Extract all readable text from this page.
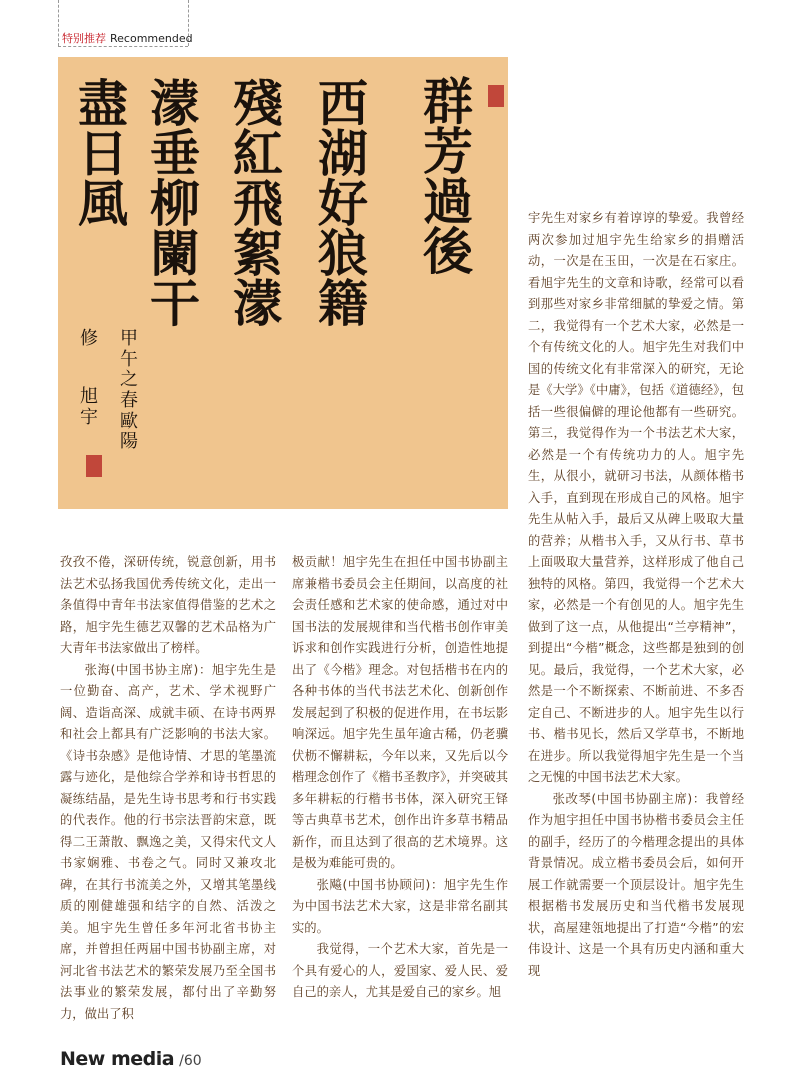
特别推荐 Recommended
群芳過後
西湖好狼籍
殘紅飛絮濛
濛垂柳闌干
盡日風
甲午之春歐陽
修
旭宇

孜孜不倦，深研传统，锐意创新，用书法艺术弘扬我国优秀传统文化，走出一条值得中青年书法家值得借鉴的艺术之路，旭宇先生德艺双馨的艺术品格为广大青年书法家做出了榜样。

张海(中国书协主席)：旭宇先生是一位勤奋、高产，艺术、学术视野广阔、造诣高深、成就丰硕、在诗书两界和社会上都具有广泛影响的书法大家。《诗书杂感》是他诗情、才思的笔墨流露与迹化，是他综合学养和诗书哲思的凝练结晶，是先生诗书思考和行书实践的代表作。他的行书宗法晋韵宋意，既得二王萧散、飘逸之美，又得宋代文人书家娴雅、书卷之气。同时又兼攻北碑，在其行书流美之外，又增其笔墨线质的刚健雄强和结字的自然、活泼之美。旭宇先生曾任多年河北省书协主席，并曾担任两届中国书协副主席，对河北省书法艺术的繁荣发展乃至全国书法事业的繁荣发展，都付出了辛勤努力，做出了积

极贡献！旭宇先生在担任中国书协副主席兼楷书委员会主任期间，以高度的社会责任感和艺术家的使命感，通过对中国书法的发展规律和当代楷书创作审美诉求和创作实践进行分析，创造性地提出了《今楷》理念。对包括楷书在内的各种书体的当代书法艺术化、创新创作发展起到了积极的促进作用，在书坛影响深远。旭宇先生虽年逾古稀，仍老骥伏枥不懈耕耘，今年以来，又先后以今楷理念创作了《楷书圣教序》，并突破其多年耕耘的行楷书书体，深入研究王铎等古典草书艺术，创作出许多草书精品新作，而且达到了很高的艺术境界。这是极为难能可贵的。

张飚(中国书协顾问)：旭宇先生作为中国书法艺术大家，这是非常名副其实的。

我觉得，一个艺术大家，首先是一个具有爱心的人，爱国家、爱人民、爱自己的亲人，尤其是爱自己的家乡。旭

宇先生对家乡有着谆谆的挚爱。我曾经两次参加过旭宇先生给家乡的捐赠活动，一次是在玉田，一次是在石家庄。看旭宇先生的文章和诗歌，经常可以看到那些对家乡非常细腻的挚爱之情。第二，我觉得有一个艺术大家，必然是一个有传统文化的人。旭宇先生对我们中国的传统文化有非常深入的研究，无论是《大学》《中庸》，包括《道德经》，包括一些很偏僻的理论他都有一些研究。第三，我觉得作为一个书法艺术大家，必然是一个有传统功力的人。旭宇先生，从很小，就研习书法，从颜体楷书入手，直到现在形成自己的风格。旭宇先生从帖入手，最后又从碑上吸取大量的营养；从楷书入手，又从行书、草书上面吸取大量营养，这样形成了他自己独特的风格。第四，我觉得一个艺术大家，必然是一个有创见的人。旭宇先生做到了这一点，从他提出“兰亭精神”，到提出“今楷”概念，这些都是独到的创见。最后，我觉得，一个艺术大家，必然是一个不断探索、不断前进、不多否定自己、不断进步的人。旭宇先生以行书、楷书见长，然后又学草书，不断地在进步。所以我觉得旭宇先生是一个当之无愧的中国书法艺术大家。

张改琴(中国书协副主席)：我曾经作为旭宇担任中国书协楷书委员会主任的副手，经历了的今楷理念提出的具体背景情况。成立楷书委员会后，如何开展工作就需要一个顶层设计。旭宇先生根据楷书发展历史和当代楷书发展现状，高屋建瓴地提出了打造“今楷”的宏伟设计、这是一个具有历史内涵和重大现

New media /60
